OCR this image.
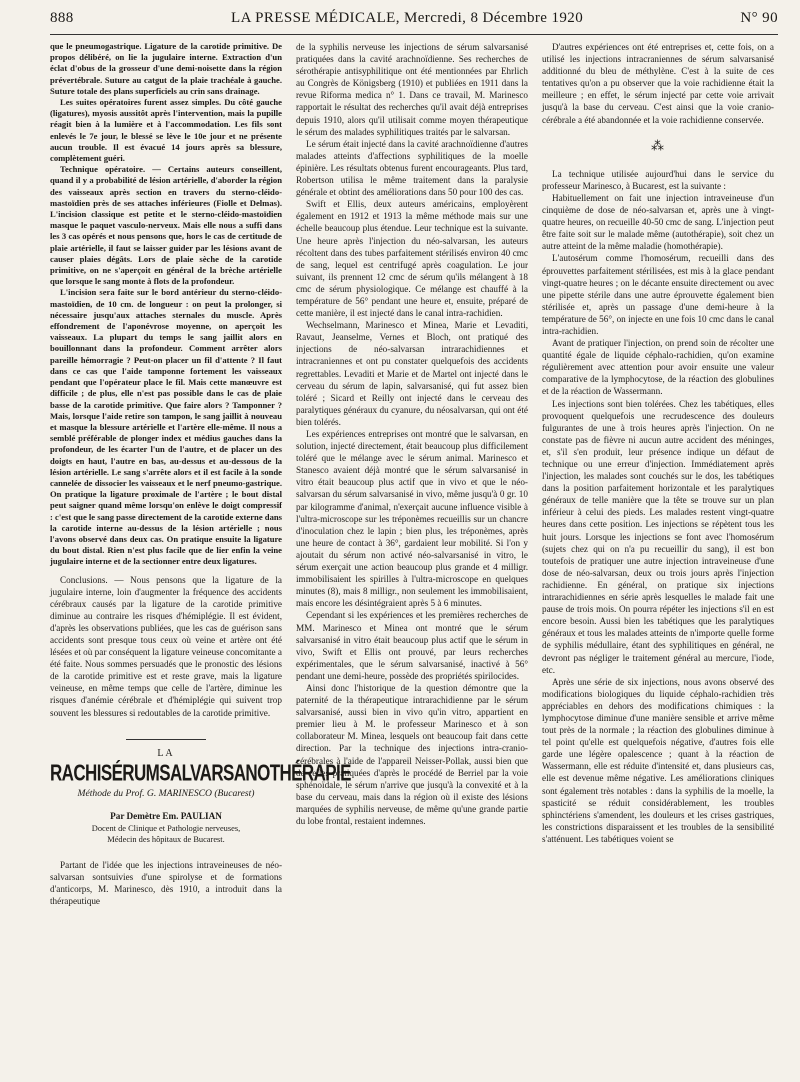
888	LA PRESSE MÉDICALE, Mercredi, 8 Décembre 1920	N° 90

que le pneumogastrique. Ligature de la carotide primitive. De propos délibéré, on lie la jugulaire interne. Extraction d'un éclat d'obus de la grosseur d'une demi-noisette dans la région prévertébrale. Suture au catgut de la plaie trachéale à gauche. Suture totale des plans superficiels au crin sans drainage.

Les suites opératoires furent assez simples. Du côté gauche (ligatures), myosis aussitôt après l'intervention, mais la pupille réagit bien à la lumière et à l'accommodation. Les fils sont enlevés le 7e jour, le blessé se lève le 10e jour et ne présente aucun trouble. Il est évacué 14 jours après sa blessure, complètement guéri.

Technique opératoire. — Certains auteurs conseillent, quand il y a probabilité de lésion artérielle, d'aborder la région des vaisseaux après section en travers du sterno-cléido-mastoïdien près de ses attaches inférieures (Fiolle et Delmas). L'incision classique est petite et le sterno-cléido-mastoïdien masque le paquet vasculo-nerveux. Mais elle nous a suffi dans les 3 cas opérés et nous pensons que, hors le cas de certitude de plaie artérielle, il faut se laisser guider par les lésions avant de causer plaies dégâts. Lors de plaie sèche de la carotide primitive, on ne s'aperçoit en général de la brèche artérielle que lorsque le sang monte à flots de la profondeur.

L'incision sera faite sur le bord antérieur du sterno-cléido-mastoïdien, de 10 cm. de longueur : on peut la prolonger, si nécessaire jusqu'aux attaches sternales du muscle. Après effondrement de l'aponévrose moyenne, on aperçoit les vaisseaux. La plupart du temps le sang jaillit alors en bouillonnant dans la profondeur. Comment arrêter alors pareille hémorragie ? Peut-on placer un fil d'attente ? Il faut dans ce cas que l'aide tamponne fortement les vaisseaux pendant que l'opérateur place le fil. Mais cette manœuvre est difficile ; de plus, elle n'est pas possible dans le cas de plaie basse de la carotide primitive. Que faire alors ? Tamponner ? Mais, lorsque l'aide retire son tampon, le sang jaillit à nouveau et masque la blessure artérielle et l'artère elle-même. Il nous a semblé préférable de plonger index et médius gauches dans la profondeur, de les écarter l'un de l'autre, et de placer un des doigts en haut, l'autre en bas, au-dessus et au-dessous de la lésion artérielle. Le sang s'arrête alors et il est facile à la sonde cannelée de dissocier les vaisseaux et le nerf pneumo-gastrique. On pratique la ligature proximale de l'artère ; le bout distal peut saigner quand même lorsqu'on enlève le doigt compressif : c'est que le sang passe directement de la carotide externe dans la carotide interne au-dessus de la lésion artérielle ; nous l'avons observé dans deux cas. On pratique ensuite la ligature du bout distal. Rien n'est plus facile que de lier enfin la veine jugulaire interne et de la sectionner entre deux ligatures.

Conclusions. — Nous pensons que la ligature de la jugulaire interne, loin d'augmenter la fréquence des accidents cérébraux causés par la ligature de la carotide primitive diminue au contraire les risques d'hémiplégie. Il est évident, d'après les observations publiées, que les cas de guérison sans accidents sont presque tous ceux où veine et artère ont été lésées et où par conséquent la ligature veineuse concomitante a été faite. Nous sommes persuadés que le pronostic des lésions de la carotide primitive est et reste grave, mais la ligature veineuse, en même temps que celle de l'artère, diminue les risques d'anémie cérébrale et d'hémiplégie qui suivent trop souvent les blessures si redoutables de la carotide primitive.

LA
RACHISÉRUMSALVARSANOTHÉRAPIE
Méthode du Prof. G. MARINESCO (Bucarest)
Par Demètre Em. PAULIAN
Docent de Clinique et Pathologie nerveuses,
Médecin des hôpitaux de Bucarest.

Partant de l'idée que les injections intraveineuses de néo-salvarsan sontsuivies d'une spirolyse et de formations d'anticorps, M. Marinesco, dès 1910, a introduit dans la thérapeutique

de la syphilis nerveuse les injections de sérum salvarsanisé pratiquées dans la cavité arachnoïdienne. Ses recherches de sérothérapie antisyphilitique ont été mentionnées par Ehrlich au Congrès de Königsberg (1910) et publiées en 1911 dans la revue Riforma medica n° 1. Dans ce travail, M. Marinesco rapportait le résultat des recherches qu'il avait déjà entreprises depuis 1910, alors qu'il utilisait comme moyen thérapeutique le sérum des malades syphilitiques traités par le salvarsan.

Le sérum était injecté dans la cavité arachnoïdienne d'autres malades atteints d'affections syphilitiques de la moelle épinière. Les résultats obtenus furent encourageants. Plus tard, Robertson utilisa le même traitement dans la paralysie générale et obtint des améliorations dans 50 pour 100 des cas.

Swift et Ellis, deux auteurs américains, employèrent également en 1912 et 1913 la même méthode mais sur une échelle beaucoup plus étendue. Leur technique est la suivante. Une heure après l'injection du néo-salvarsan, les auteurs récoltent dans des tubes parfaitement stérilisés environ 40 cmc de sang, lequel est centrifugé après coagulation. Le jour suivant, ils prennent 12 cmc de sérum qu'ils mélangent à 18 cmc de sérum physiologique. Ce mélange est chauffé à la température de 56° pendant une heure et, ensuite, préparé de cette manière, il est injecté dans le canal intra-rachidien.

Wechselmann, Marinesco et Minea, Marie et Levaditi, Ravaut, Jeanselme, Vernes et Bloch, ont pratiqué des injections de néo-salvarsan intrarachidiennes et intracraniennes et ont pu constater quelquefois des accidents regrettables. Levaditi et Marie et de Martel ont injecté dans le cerveau du sérum de lapin, salvarsanisé, qui fut assez bien toléré ; Sicard et Reilly ont injecté dans le cerveau des paralytiques généraux du cyanure, du néosalvarsan, qui ont été bien tolérés.

Les expériences entreprises ont montré que le salvarsan, en solution, injecté directement, était beaucoup plus difficilement toléré que le mélange avec le sérum animal. Marinesco et Stanesco avaient déjà montré que le sérum salvarsanisé in vitro était beaucoup plus actif que in vivo et que le néo-salvarsan du sérum salvarsanisé in vivo, même jusqu'à 0 gr. 10 par kilogramme d'animal, n'exerçait aucune influence visible à l'ultra-microscope sur les tréponèmes recueillis sur un chancre d'inoculation chez le lapin ; bien plus, les tréponèmes, après une heure de contact à 36°, gardaient leur mobilité. Si l'on y ajoutait du sérum non activé néo-salvarsanisé in vitro, le sérum exerçait une action beaucoup plus grande et 4 milligr. immobilisaient les spirilles à l'ultra-microscope en quelques minutes (8), mais 8 milligr., non seulement les immobilisaient, mais encore les désintégraient après 5 à 6 minutes.

Cependant si les expériences et les premières recherches de MM. Marinesco et Minea ont montré que le sérum salvarsanisé in vitro était beaucoup plus actif que le sérum in vivo, Swift et Ellis ont prouvé, par leurs recherches expérimentales, que le sérum salvarsanisé, inactivé à 56° pendant une demi-heure, possède des propriétés spirilocides.

Ainsi donc l'historique de la question démontre que la paternité de la thérapeutique intrarachidienne par le sérum salvarsanisé, aussi bien in vivo qu'in vitro, appartient en premier lieu à M. le professeur Marinesco et à son collaborateur M. Minea, lesquels ont beaucoup fait dans cette direction. Par la technique des injections intra-cranio-cérébrales à l'aide de l'appareil Neisser-Pollak, aussi bien que de celles pratiquées d'après le procédé de Berriel par la voie sphénoïdale, le sérum n'arrive que jusqu'à la convexité et à la base du cerveau, mais dans la région où il existe des lésions marquées de syphilis nerveuse, de même qu'une grande partie du lobe frontal, restaient indemnes.

D'autres expériences ont été entreprises et, cette fois, on a utilisé les injections intracraniennes de sérum salvarsanisé additionné du bleu de méthylène. C'est à la suite de ces tentatives qu'on a pu observer que la voie rachidienne était la meilleure ; en effet, le sérum injecté par cette voie arrivait jusqu'à la base du cerveau. C'est ainsi que la voie cranio-cérébrale a été abandonnée et la voie rachidienne conservée.

⁂

La technique utilisée aujourd'hui dans le service du professeur Marinesco, à Bucarest, est la suivante :

Habituellement on fait une injection intraveineuse d'un cinquième de dose de néo-salvarsan et, après une à vingt-quatre heures, on recueille 40-50 cmc de sang. L'injection peut être faite soit sur le malade même (autothérapie), soit chez un autre atteint de la même maladie (homothérapie).

L'autosérum comme l'homosérum, recueilli dans des éprouvettes parfaitement stérilisées, est mis à la glace pendant vingt-quatre heures ; on le décante ensuite directement ou avec une pipette stérile dans une autre éprouvette également bien stérilisée et, après un passage d'une demi-heure à la température de 56°, on injecte en une fois 10 cmc dans le canal intra-rachidien.

Avant de pratiquer l'injection, on prend soin de récolter une quantité égale de liquide céphalo-rachidien, qu'on examine régulièrement avec attention pour avoir ensuite une valeur comparative de la lymphocytose, de la réaction des globulines et de la réaction de Wassermann.

Les injections sont bien tolérées. Chez les tabétiques, elles provoquent quelquefois une recrudescence des douleurs fulgurantes de une à trois heures après l'injection. On ne constate pas de fièvre ni aucun autre accident des méninges, et, s'il s'en produit, leur présence indique un défaut de technique ou une erreur d'injection. Immédiatement après l'injection, les malades sont couchés sur le dos, les tabétiques dans la position parfaitement horizontale et les paralytiques généraux de telle manière que la tête se trouve sur un plan inférieur à celui des pieds. Les malades restent vingt-quatre heures dans cette position. Les injections se répètent tous les huit jours. Lorsque les injections se font avec l'homosérum (sujets chez qui on n'a pu recueillir du sang), il est bon toutefois de pratiquer une autre injection intraveineuse d'une dose de néo-salvarsan, deux ou trois jours après l'injection rachidienne. En général, on pratique six injections intrarachidiennes en série après lesquelles le malade fait une pause de trois mois. On pourra répéter les injections s'il en est encore besoin. Aussi bien les tabétiques que les paralytiques généraux et tous les malades atteints de n'importe quelle forme de syphilis médullaire, étant des syphilitiques en général, ne devront pas négliger le traitement général au mercure, l'iode, etc.

Après une série de six injections, nous avons observé des modifications biologiques du liquide céphalo-rachidien très appréciables en dehors des modifications chimiques : la lymphocytose diminue d'une manière sensible et arrive même tout près de la normale ; la réaction des globulines diminue à tel point qu'elle est quelquefois négative, d'autres fois elle garde une légère opalescence ; quant à la réaction de Wassermann, elle est réduite d'intensité et, dans plusieurs cas, elle est devenue même négative. Les améliorations cliniques sont également très notables : dans la syphilis de la moelle, la spasticité se réduit considérablement, les troubles sphinctériens s'amendent, les douleurs et les crises gastriques, les constrictions disparaissent et les troubles de la sensibilité s'atténuent. Les tabétiques voient se
